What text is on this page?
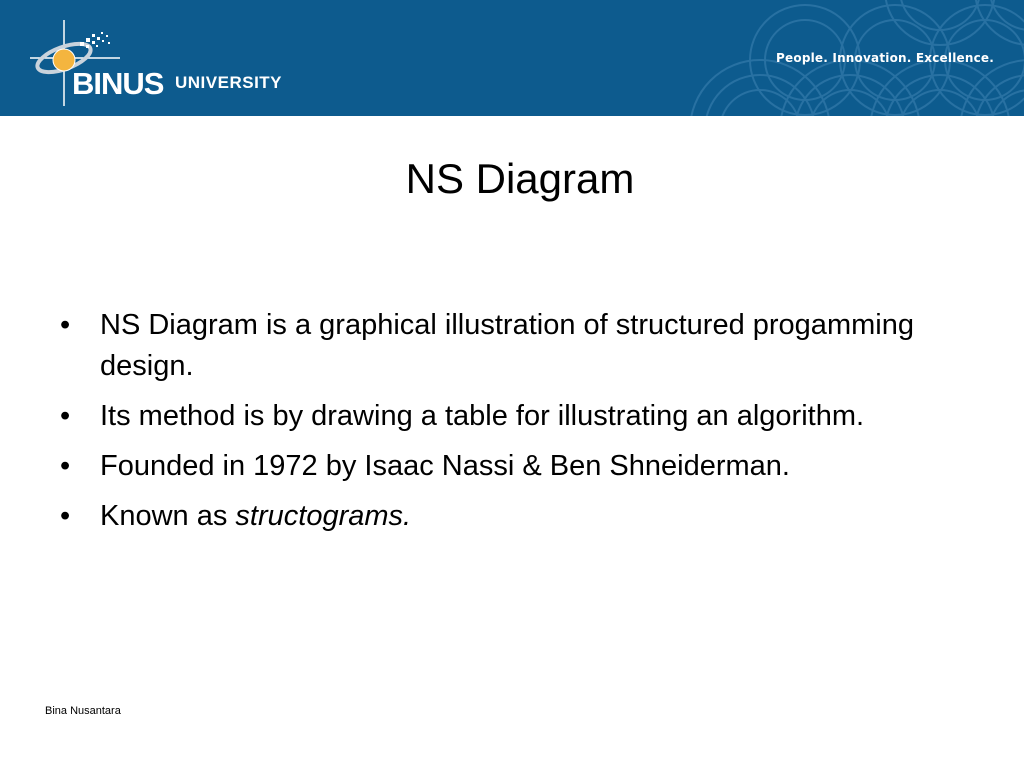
BINUS UNIVERSITY
People. Innovation. Excellence.
NS Diagram
• NS Diagram is a graphical illustration of structured progamming design.
• Its method is by drawing a table for illustrating an algorithm.
• Founded in 1972 by Isaac Nassi & Ben Shneiderman.
• Known as structograms.
Bina Nusantara
